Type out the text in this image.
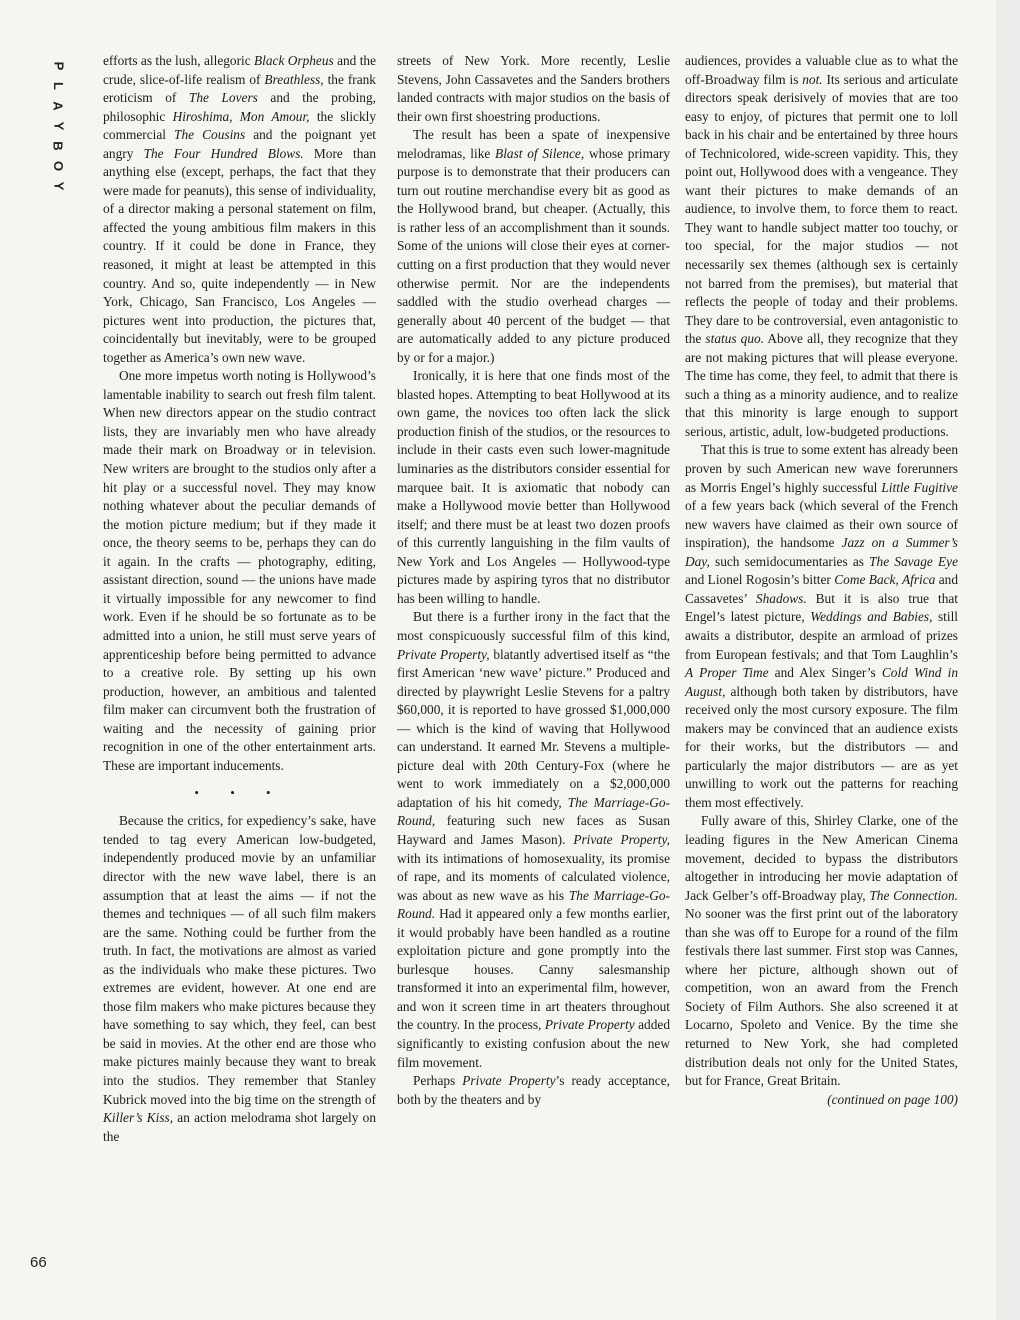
P
L
A
Y
B
O
Y
66

efforts as the lush, allegoric Black Orpheus and the crude, slice-of-life realism of Breathless, the frank eroticism of The Lovers and the probing, philosophic Hiroshima, Mon Amour, the slickly commercial The Cousins and the poignant yet angry The Four Hundred Blows. More than anything else (except, perhaps, the fact that they were made for peanuts), this sense of individuality, of a director making a personal statement on film, affected the young ambitious film makers in this country. If it could be done in France, they reasoned, it might at least be attempted in this country. And so, quite independently — in New York, Chicago, San Francisco, Los Angeles — pictures went into production, the pictures that, coincidentally but inevitably, were to be grouped together as America’s own new wave.

One more impetus worth noting is Hollywood’s lamentable inability to search out fresh film talent. When new directors appear on the studio contract lists, they are invariably men who have already made their mark on Broadway or in television. New writers are brought to the studios only after a hit play or a successful novel. They may know nothing whatever about the peculiar demands of the motion picture medium; but if they made it once, the theory seems to be, perhaps they can do it again. In the crafts — photography, editing, assistant direction, sound — the unions have made it virtually impossible for any newcomer to find work. Even if he should be so fortunate as to be admitted into a union, he still must serve years of apprenticeship before being permitted to advance to a creative role. By setting up his own production, however, an ambitious and talented film maker can circumvent both the frustration of waiting and the necessity of gaining prior recognition in one of the other entertainment arts. These are important inducements.

• • •

Because the critics, for expediency’s sake, have tended to tag every American low-budgeted, independently produced movie by an unfamiliar director with the new wave label, there is an assumption that at least the aims — if not the themes and techniques — of all such film makers are the same. Nothing could be further from the truth. In fact, the motivations are almost as varied as the individuals who make these pictures. Two extremes are evident, however. At one end are those film makers who make pictures because they have something to say which, they feel, can best be said in movies. At the other end are those who make pictures mainly because they want to break into the studios. They remember that Stanley Kubrick moved into the big time on the strength of Killer’s Kiss, an action melodrama shot largely on the

streets of New York. More recently, Leslie Stevens, John Cassavetes and the Sanders brothers landed contracts with major studios on the basis of their own first shoestring productions.

The result has been a spate of inexpensive melodramas, like Blast of Silence, whose primary purpose is to demonstrate that their producers can turn out routine merchandise every bit as good as the Hollywood brand, but cheaper. (Actually, this is rather less of an accomplishment than it sounds. Some of the unions will close their eyes at corner-cutting on a first production that they would never otherwise permit. Nor are the independents saddled with the studio overhead charges — generally about 40 percent of the budget — that are automatically added to any picture produced by or for a major.)

Ironically, it is here that one finds most of the blasted hopes. Attempting to beat Hollywood at its own game, the novices too often lack the slick production finish of the studios, or the resources to include in their casts even such lower-magnitude luminaries as the distributors consider essential for marquee bait. It is axiomatic that nobody can make a Hollywood movie better than Hollywood itself; and there must be at least two dozen proofs of this currently languishing in the film vaults of New York and Los Angeles — Hollywood-type pictures made by aspiring tyros that no distributor has been willing to handle.

But there is a further irony in the fact that the most conspicuously successful film of this kind, Private Property, blatantly advertised itself as “the first American ‘new wave’ picture.” Produced and directed by playwright Leslie Stevens for a paltry $60,000, it is reported to have grossed $1,000,000 — which is the kind of waving that Hollywood can understand. It earned Mr. Stevens a multiple-picture deal with 20th Century-Fox (where he went to work immediately on a $2,000,000 adaptation of his hit comedy, The Marriage-Go-Round, featuring such new faces as Susan Hayward and James Mason). Private Property, with its intimations of homosexuality, its promise of rape, and its moments of calculated violence, was about as new wave as his The Marriage-Go-Round. Had it appeared only a few months earlier, it would probably have been handled as a routine exploitation picture and gone promptly into the burlesque houses. Canny salesmanship transformed it into an experimental film, however, and won it screen time in art theaters throughout the country. In the process, Private Property added significantly to existing confusion about the new film movement.

Perhaps Private Property’s ready acceptance, both by the theaters and by

audiences, provides a valuable clue as to what the off-Broadway film is not. Its serious and articulate directors speak derisively of movies that are too easy to enjoy, of pictures that permit one to loll back in his chair and be entertained by three hours of Technicolored, wide-screen vapidity. This, they point out, Hollywood does with a vengeance. They want their pictures to make demands of an audience, to involve them, to force them to react. They want to handle subject matter too touchy, or too special, for the major studios — not necessarily sex themes (although sex is certainly not barred from the premises), but material that reflects the people of today and their problems. They dare to be controversial, even antagonistic to the status quo. Above all, they recognize that they are not making pictures that will please everyone. The time has come, they feel, to admit that there is such a thing as a minority audience, and to realize that this minority is large enough to support serious, artistic, adult, low-budgeted productions.

That this is true to some extent has already been proven by such American new wave forerunners as Morris Engel’s highly successful Little Fugitive of a few years back (which several of the French new wavers have claimed as their own source of inspiration), the handsome Jazz on a Summer’s Day, such semidocumentaries as The Savage Eye and Lionel Rogosin’s bitter Come Back, Africa and Cassavetes’ Shadows. But it is also true that Engel’s latest picture, Weddings and Babies, still awaits a distributor, despite an armload of prizes from European festivals; and that Tom Laughlin’s A Proper Time and Alex Singer’s Cold Wind in August, although both taken by distributors, have received only the most cursory exposure. The film makers may be convinced that an audience exists for their works, but the distributors — and particularly the major distributors — are as yet unwilling to work out the patterns for reaching them most effectively.

Fully aware of this, Shirley Clarke, one of the leading figures in the New American Cinema movement, decided to bypass the distributors altogether in introducing her movie adaptation of Jack Gelber’s off-Broadway play, The Connection. No sooner was the first print out of the laboratory than she was off to Europe for a round of the film festivals there last summer. First stop was Cannes, where her picture, although shown out of competition, won an award from the French Society of Film Authors. She also screened it at Locarno, Spoleto and Venice. By the time she returned to New York, she had completed distribution deals not only for the United States, but for France, Great Britain.

(continued on page 100)
